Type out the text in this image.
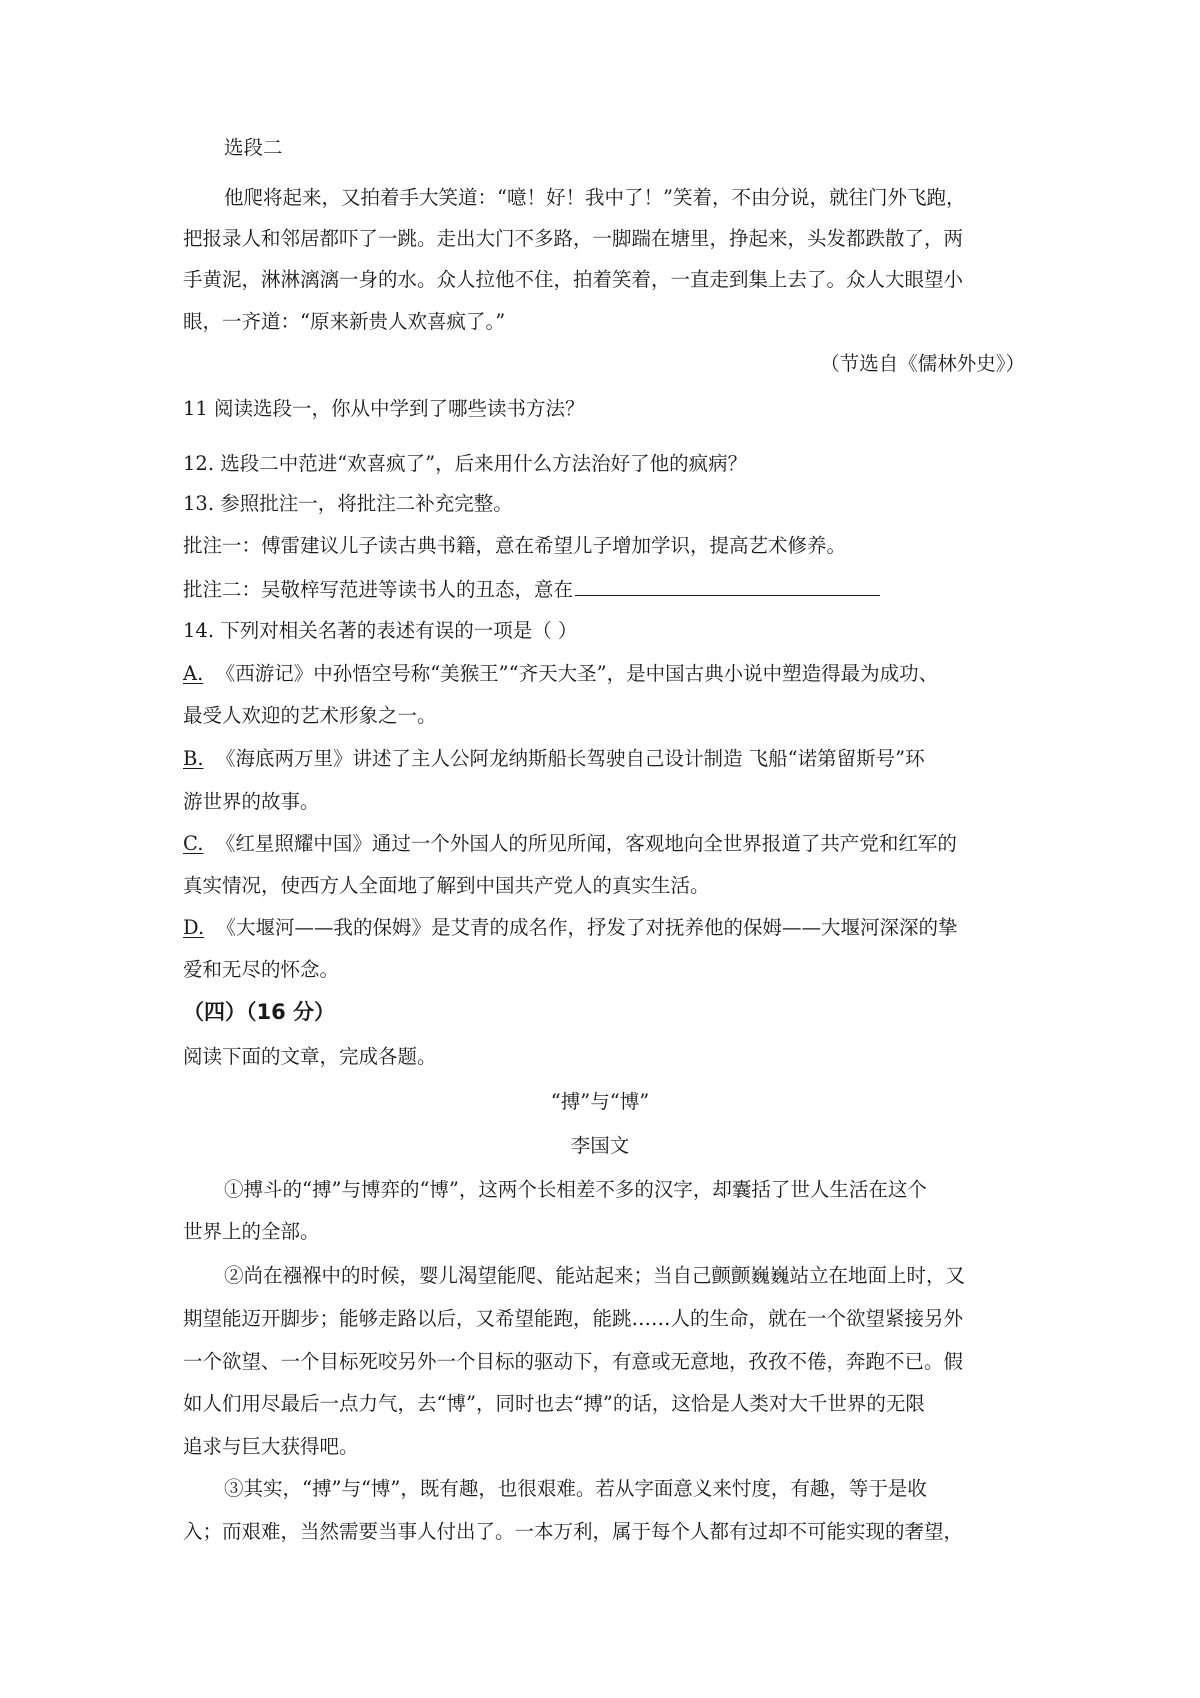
选段二
他爬将起来，又拍着手大笑道：“噫！好！我中了！”笑着，不由分说，就往门外飞跑，
把报录人和邻居都吓了一跳。走出大门不多路，一脚踹在塘里，挣起来，头发都跌散了，两
手黄泥，淋淋漓漓一身的水。众人拉他不住，拍着笑着，一直走到集上去了。众人大眼望小
眼，一齐道：“原来新贵人欢喜疯了。”
（节选自《儒林外史》）
11 阅读选段一，你从中学到了哪些读书方法？
12. 选段二中范进“欢喜疯了”，后来用什么方法治好了他的疯病？
13. 参照批注一，将批注二补充完整。
批注一：傅雷建议儿子读古典书籍，意在希望儿子增加学识，提高艺术修养。
批注二：吴敬梓写范进等读书人的丑态，意在
14. 下列对相关名著的表述有误的一项是（ ）
A. 《西游记》中孙悟空号称“美猴王”“齐天大圣”，是中国古典小说中塑造得最为成功、
最受人欢迎的艺术形象之一。
B. 《海底两万里》讲述了主人公阿龙纳斯船长驾驶自己设计制造 飞船“诺第留斯号”环
游世界的故事。
C. 《红星照耀中国》通过一个外国人的所见所闻，客观地向全世界报道了共产党和红军的
真实情况，使西方人全面地了解到中国共产党人的真实生活。
D. 《大堰河——我的保姆》是艾青的成名作，抒发了对抚养他的保姆——大堰河深深的挚
爱和无尽的怀念。
（四）（16 分）
阅读下面的文章，完成各题。
“搏”与“博”
李国文
①搏斗的“搏”与博弈的“博”，这两个长相差不多的汉字，却囊括了世人生活在这个
世界上的全部。
②尚在襁褓中的时候，婴儿渴望能爬、能站起来；当自己颤颤巍巍站立在地面上时，又
期望能迈开脚步；能够走路以后，又希望能跑，能跳……人的生命，就在一个欲望紧接另外
一个欲望、一个目标死咬另外一个目标的驱动下，有意或无意地，孜孜不倦，奔跑不已。假
如人们用尽最后一点力气，去“博”，同时也去“搏”的话，这恰是人类对大千世界的无限
追求与巨大获得吧。
③其实，“搏”与“博”，既有趣，也很艰难。若从字面意义来忖度，有趣，等于是收
入；而艰难，当然需要当事人付出了。一本万利，属于每个人都有过却不可能实现的奢望，
